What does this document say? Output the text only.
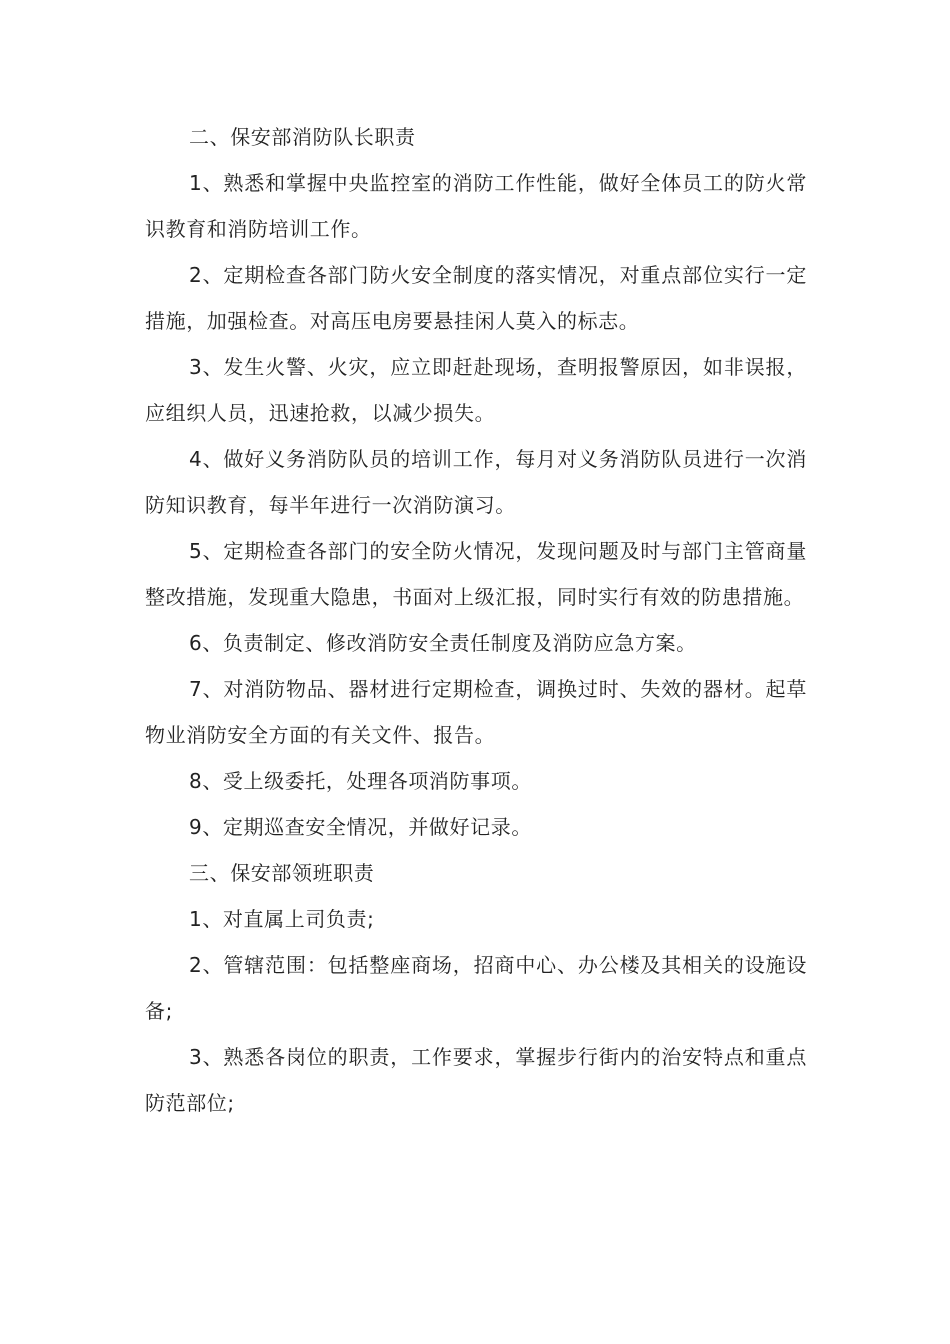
二、保安部消防队长职责

1、熟悉和掌握中央监控室的消防工作性能，做好全体员工的防火常识教育和消防培训工作。

2、定期检查各部门防火安全制度的落实情况，对重点部位实行一定措施，加强检查。对高压电房要悬挂闲人莫入的标志。

3、发生火警、火灾，应立即赶赴现场，查明报警原因，如非误报，应组织人员，迅速抢救，以减少损失。

4、做好义务消防队员的培训工作，每月对义务消防队员进行一次消防知识教育，每半年进行一次消防演习。

5、定期检查各部门的安全防火情况，发现问题及时与部门主管商量整改措施，发现重大隐患，书面对上级汇报，同时实行有效的防患措施。

6、负责制定、修改消防安全责任制度及消防应急方案。

7、对消防物品、器材进行定期检查，调换过时、失效的器材。起草物业消防安全方面的有关文件、报告。

8、受上级委托，处理各项消防事项。

9、定期巡查安全情况，并做好记录。

三、保安部领班职责

1、对直属上司负责;

2、管辖范围：包括整座商场，招商中心、办公楼及其相关的设施设备;

3、熟悉各岗位的职责，工作要求，掌握步行街内的治安特点和重点防范部位;
